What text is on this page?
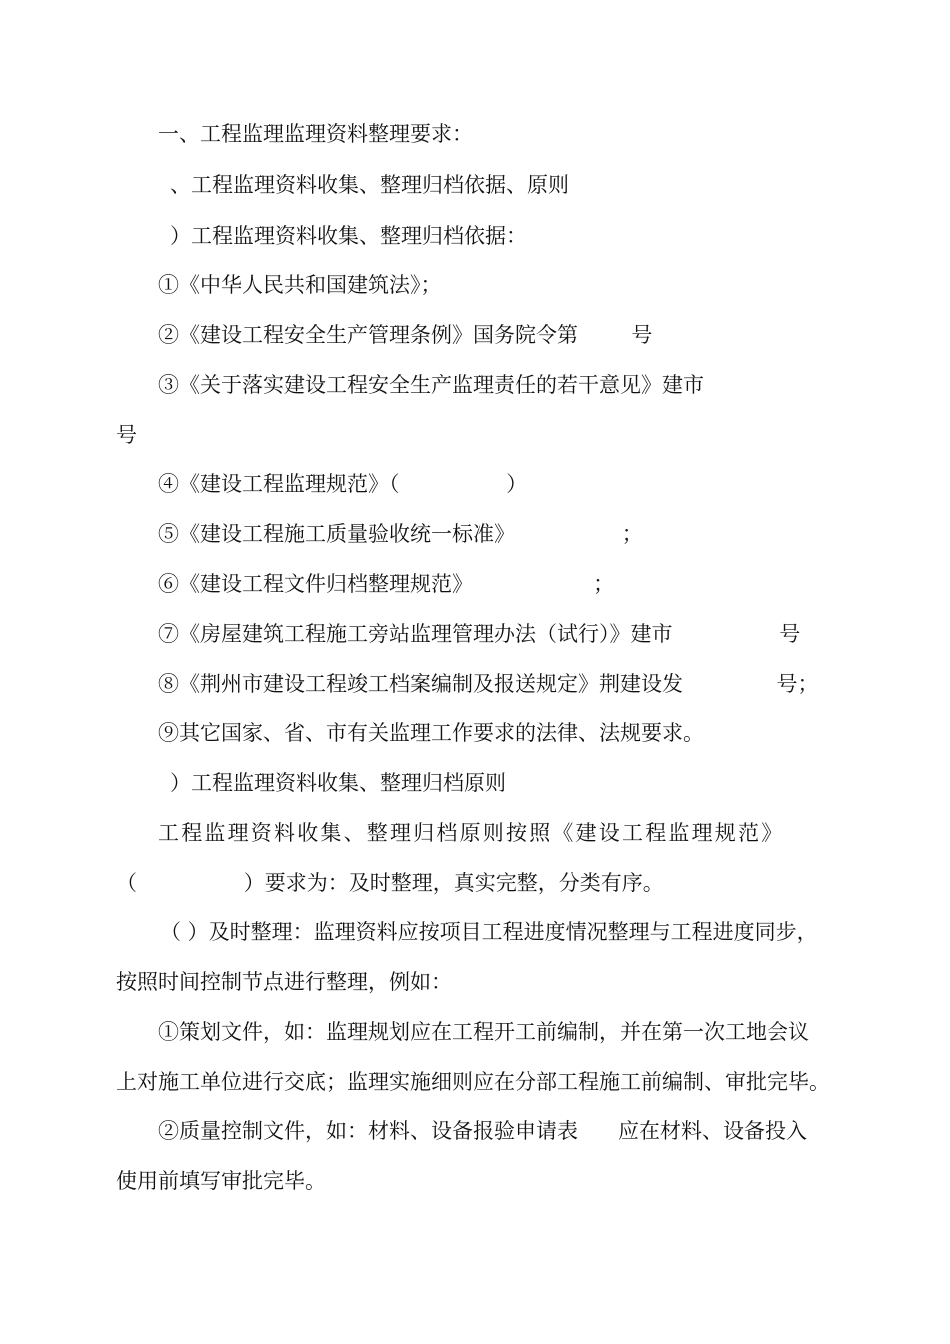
一、工程监理监理资料整理要求：

、工程监理资料收集、整理归档依据、原则

）工程监理资料收集、整理归档依据：

①《中华人民共和国建筑法》；

②《建设工程安全生产管理条例》国务院令第        号

③《关于落实建设工程安全生产监理责任的若干意见》建市

号

④《建设工程监理规范》（                ）

⑤《建设工程施工质量验收统一标准》                ；

⑥《建设工程文件归档整理规范》                  ；

⑦《房屋建筑工程施工旁站监理管理办法（试行）》建市                号

⑧《荆州市建设工程竣工档案编制及报送规定》荆建设发              号；

⑨其它国家、省、市有关监理工作要求的法律、法规要求。

）工程监理资料收集、整理归档原则

工程监理资料收集、整理归档原则按照《建设工程监理规范》

（                ）要求为：及时整理，真实完整，分类有序。

（ ）及时整理：监理资料应按项目工程进度情况整理与工程进度同步，

按照时间控制节点进行整理，例如：

①策划文件，如：监理规划应在工程开工前编制，并在第一次工地会议

上对施工单位进行交底；监理实施细则应在分部工程施工前编制、审批完毕。

②质量控制文件，如：材料、设备报验申请表      应在材料、设备投入

使用前填写审批完毕。
